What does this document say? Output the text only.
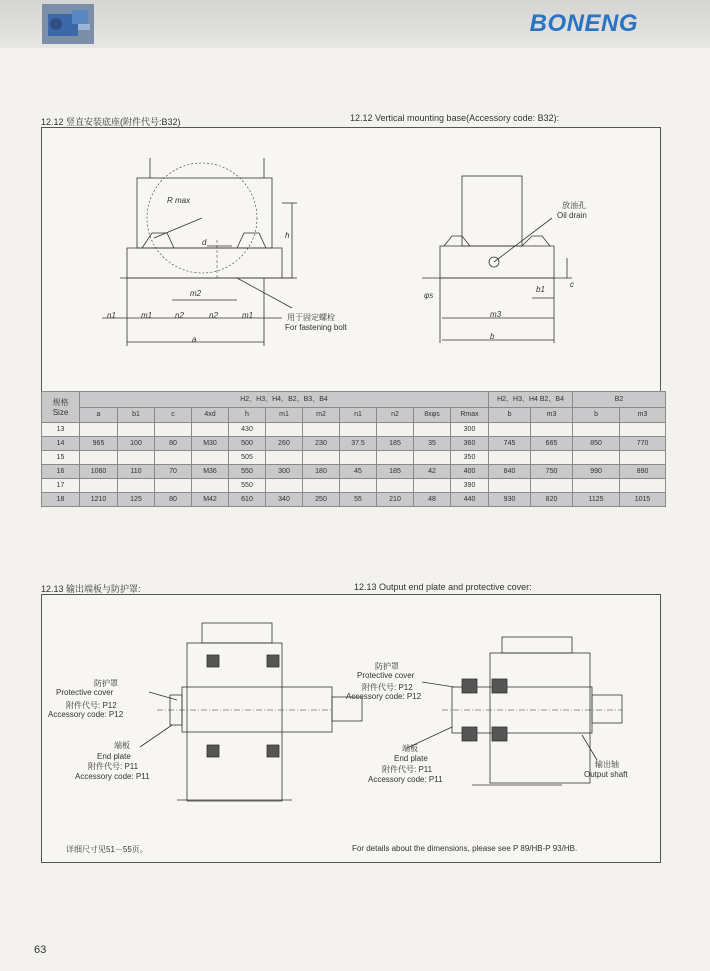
BONENG
12.12 竖直安装底座(附件代号:B32)	12.12 Vertical mounting base(Accessory code: B32):
R max
d
h
m2
n1	m1	n2	n2	m1
a
用于固定螺栓
For fastening bolt
放油孔
Oil drain
φs
b1
c
m3
b
规格
Size	H2、H3、H4、B2、B3、B4											H2、H3、H4 B2、B4		B2	
	a	b1	c	4xd	h	m1	m2	n1	n2	8xφs	Rmax	b	m3	b	m3
13					430						300				
14	965	100	80	M30	500	260	230	37.5	185	35	360	745	665	850	770
15					505						350				
16	1060	110	70	M36	550	300	180	45	185	42	400	840	750	990	890
17					550						390				
18	1210	125	80	M42	610	340	250	55	210	48	440	930	820	1125	1015
12.13 输出端板与防护罩:	12.13 Output end plate and protective cover:
防护罩
Protective cover
附件代号: P12
Accessory code: P12
端板
End plate
附件代号: P11
Accessory code: P11
防护罩
Protective cover
附件代号: P12
Accessory code: P12
端板
End plate
附件代号: P11
Accessory code: P11
输出轴
Output shaft
详细尺寸见51－55页。	For details about the dimensions, please see P 89/HB-P 93/HB.
63
